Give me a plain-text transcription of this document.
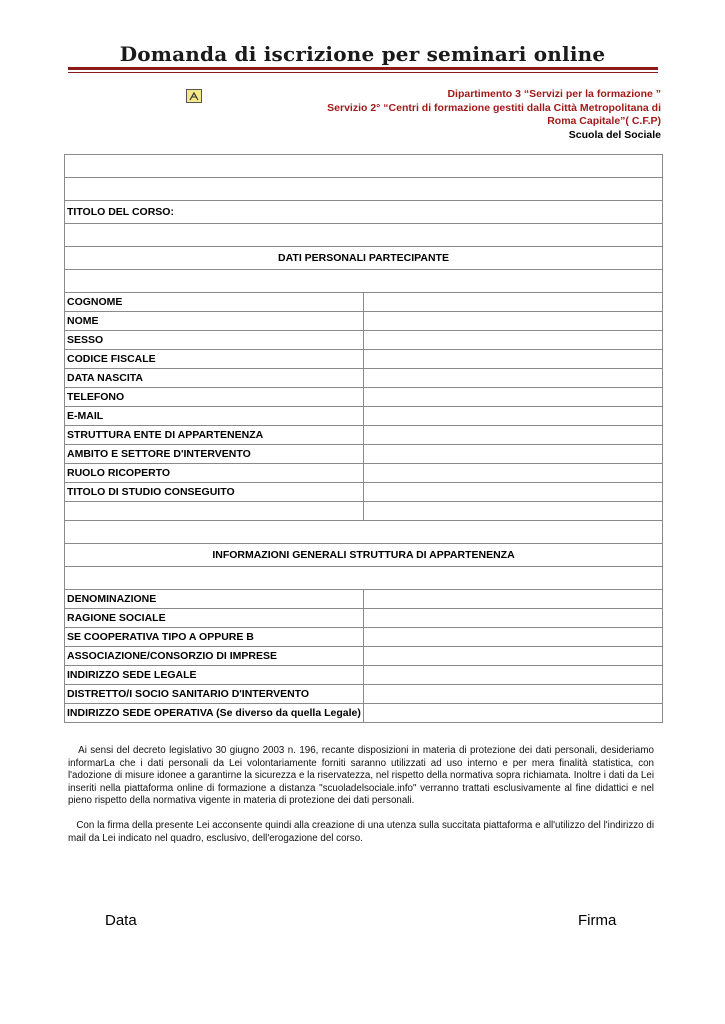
Domanda di iscrizione per seminari online
Dipartimento 3 “Servizi per la formazione ”
Servizio 2° “Centri di formazione gestiti dalla Città Metropolitana di
Roma Capitale”( C.F.P)
Scuola del Sociale

TITOLO DEL CORSO:	

DATI PERSONALI PARTECIPANTE	

COGNOME	
NOME	
SESSO	
CODICE FISCALE	
DATA NASCITA	
TELEFONO	
E-MAIL	
STRUTTURA ENTE DI APPARTENENZA	
AMBITO E SETTORE D'INTERVENTO	
RUOLO RICOPERTO	
TITOLO DI STUDIO CONSEGUITO	

INFORMAZIONI GENERALI STRUTTURA DI APPARTENENZA	

DENOMINAZIONE	
RAGIONE SOCIALE	
SE COOPERATIVA TIPO A OPPURE B	
ASSOCIAZIONE/CONSORZIO DI IMPRESE	
INDIRIZZO SEDE LEGALE	
DISTRETTO/I SOCIO SANITARIO D'INTERVENTO	
INDIRIZZO SEDE OPERATIVA (Se diverso da quella Legale)	
Ai sensi del decreto legislativo 30 giugno 2003 n. 196, recante disposizioni in materia di protezione dei dati personali, desideriamo informarLa che i dati personali da Lei volontariamente forniti saranno utilizzati ad uso interno e per mera finalità statistica, con l'adozione di misure idonee a garantirne la sicurezza e la riservatezza, nel rispetto della normativa sopra richiamata. Inoltre i dati da Lei inseriti nella piattaforma online di formazione a distanza "scuoladelsociale.info" verranno trattati esclusivamente al fine didattici e nel pieno rispetto della normativa vigente in materia di protezione dei dati personali.
Con la firma della presente Lei acconsente quindi alla creazione di una utenza sulla succitata piattaforma e all'utilizzo del l'indirizzo di mail da Lei indicato nel quadro, esclusivo, dell'erogazione del corso.
Data	Firma
